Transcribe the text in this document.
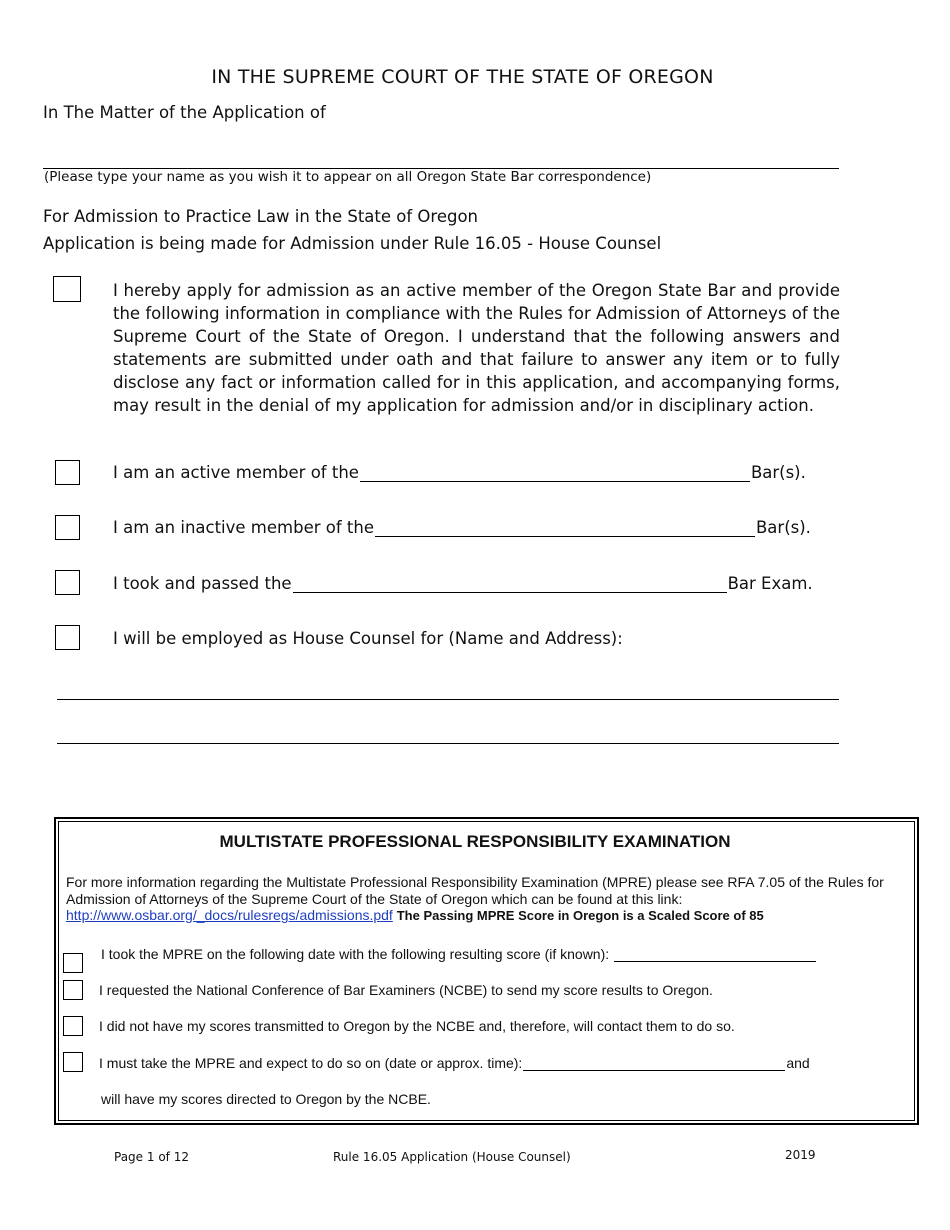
IN THE SUPREME COURT OF THE STATE OF OREGON
In The Matter of the Application of
(Please type your name as you wish it to appear on all Oregon State Bar correspondence)
For Admission to Practice Law in the State of Oregon
Application is being made for Admission under Rule 16.05 - House Counsel
I hereby apply for admission as an active member of the Oregon State Bar and provide the following information in compliance with the Rules for Admission of Attorneys of the Supreme Court of the State of Oregon. I understand that the following answers and statements are submitted under oath and that failure to answer any item or to fully disclose any fact or information called for in this application, and accompanying forms, may result in the denial of my application for admission and/or in disciplinary action.
I am an active member of the	Bar(s).
I am an inactive member of the	Bar(s).
I took and passed the	Bar Exam.
I will be employed as House Counsel for (Name and Address):
MULTISTATE PROFESSIONAL RESPONSIBILITY EXAMINATION
For more information regarding the Multistate Professional Responsibility Examination (MPRE) please see RFA 7.05 of the Rules for Admission of Attorneys of the Supreme Court of the State of Oregon which can be found at this link: http://www.osbar.org/_docs/rulesregs/admissions.pdf The Passing MPRE Score in Oregon is a Scaled Score of 85
I took the MPRE on the following date with the following resulting score (if known):
I requested the National Conference of Bar Examiners (NCBE) to send my score results to Oregon.
I did not have my scores transmitted to Oregon by the NCBE and, therefore, will contact them to do so.
I must take the MPRE and expect to do so on (date or approx. time):	and
will have my scores directed to Oregon by the NCBE.
Page 1 of 12	Rule 16.05 Application (House Counsel)	2019
